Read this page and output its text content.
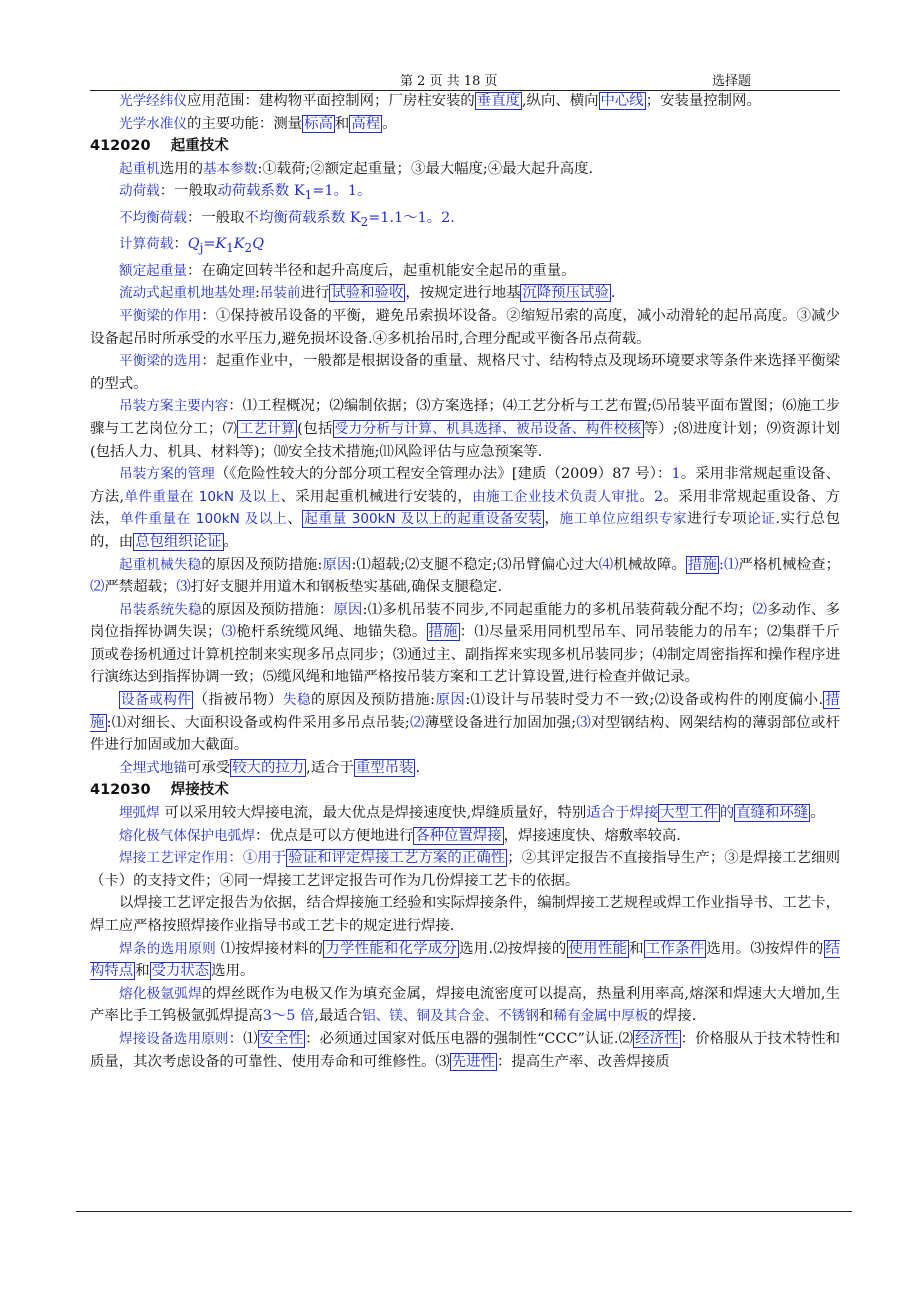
第 2 页 共 18 页	选择题

光学经纬仪应用范围：建构物平面控制网；厂房柱安装的 垂直度 ,纵向、横向 中心线 ；安装量控制网。

光学水准仪的主要功能：测量 标高 和 高程 。

412020 起重技术

起重机选用的基本参数:①载荷;②额定起重量；③最大幅度;④最大起升高度.

动荷载：一般取动荷载系数 $K_1=1$。1。

不均衡荷载：一般取不均衡荷载系数 $K_2=1.1\sim 1$。2.

计算荷载：$Q_j=K_1K_2Q$

额定起重量：在确定回转半径和起升高度后，起重机能安全起吊的重量。

流动式起重机地基处理:吊装前进行 试验和验收 ，按规定进行地基 沉降预压试验 .

平衡梁的作用：①保持被吊设备的平衡，避免吊索损坏设备。②缩短吊索的高度，减小动滑轮的起吊高度。③减少设备起吊时所承受的水平压力,避免损坏设备.④多机抬吊时,合理分配或平衡各吊点荷载。

平衡梁的选用：起重作业中，一般都是根据设备的重量、规格尺寸、结构特点及现场环境要求等条件来选择平衡梁的型式。

吊装方案主要内容：⑴工程概况；⑵编制依据；⑶方案选择；⑷工艺分析与工艺布置;⑸吊装平面布置图；⑹施工步骤与工艺岗位分工；⑺ 工艺计算 (包括 受力分析与计算、机具选择、被吊设备、构件校核 等）;⑻进度计划；⑼资源计划(包括人力、机具、材料等)；⑽安全技术措施;⑾风险评估与应急预案等.

吊装方案的管理（《危险性较大的分部分项工程安全管理办法》[建质（2009）87 号）：1。采用非常规起重设备、方法,单件重量在 10kN 及以上、采用起重机械进行安装的，由施工企业技术负责人审批。2。采用非常规起重设备、方法，单件重量在 100kN 及以上、 起重量 300kN 及以上的起重设备安装 ，施工单位应组织专家进行专项论证.实行总包的，由 总包组织论证 。

起重机械失稳的原因及预防措施:原因:⑴超载;⑵支腿不稳定;⑶吊臂偏心过大⑷机械故障。 措施 :⑴严格机械检查；⑵严禁超载；⑶打好支腿并用道木和钢板垫实基础,确保支腿稳定.

吊装系统失稳的原因及预防措施：原因:⑴多机吊装不同步,不同起重能力的多机吊装荷载分配不均；⑵多动作、多岗位指挥协调失误；⑶桅杆系统缆风绳、地锚失稳。 措施 ：⑴尽量采用同机型吊车、同吊装能力的吊车；⑵集群千斤顶或卷扬机通过计算机控制来实现多吊点同步；⑶通过主、副指挥来实现多机吊装同步；⑷制定周密指挥和操作程序进行演练达到指挥协调一致；⑸缆风绳和地锚严格按吊装方案和工艺计算设置,进行检查并做记录。

设备或构件 （指被吊物）失稳的原因及预防措施:原因:⑴设计与吊装时受力不一致;⑵设备或构件的刚度偏小. 措施 :⑴对细长、大面积设备或构件采用多吊点吊装;⑵薄壁设备进行加固加强;⑶对型钢结构、网架结构的薄弱部位或杆件进行加固或加大截面。

全埋式地锚可承受 较大的拉力 ,适合于 重型吊装 .

412030 焊接技术

埋弧焊 可以采用较大焊接电流，最大优点是焊接速度快,焊缝质量好，特别适合于焊接 大型工件 的 直缝和环缝 。

熔化极气体保护电弧焊：优点是可以方便地进行 各种位置焊接 ，焊接速度快、熔敷率较高.

焊接工艺评定作用：①用于 验证和评定焊接工艺方案的正确性 ；②其评定报告不直接指导生产；③是焊接工艺细则（卡）的支持文件；④同一焊接工艺评定报告可作为几份焊接工艺卡的依据。

以焊接工艺评定报告为依据，结合焊接施工经验和实际焊接条件，编制焊接工艺规程或焊工作业指导书、工艺卡，焊工应严格按照焊接作业指导书或工艺卡的规定进行焊接.

焊条的选用原则 ⑴按焊接材料的 力学性能和化学成分 选用.⑵按焊接的 使用性能 和 工作条件 选用。⑶按焊件的 结构特点 和 受力状态 选用。

熔化极氩弧焊的焊丝既作为电极又作为填充金属，焊接电流密度可以提高，热量利用率高,熔深和焊速大大增加,生产率比手工钨极氩弧焊提高3～5 倍,最适合铝、镁、铜及其合金、不锈钢和稀有金属中厚板的焊接.

焊接设备选用原则：⑴ 安全性 ：必须通过国家对低压电器的强制性“CCC”认证.⑵ 经济性 ：价格服从于技术特性和质量，其次考虑设备的可靠性、使用寿命和可维修性。⑶ 先进性 ：提高生产率、改善焊接质
